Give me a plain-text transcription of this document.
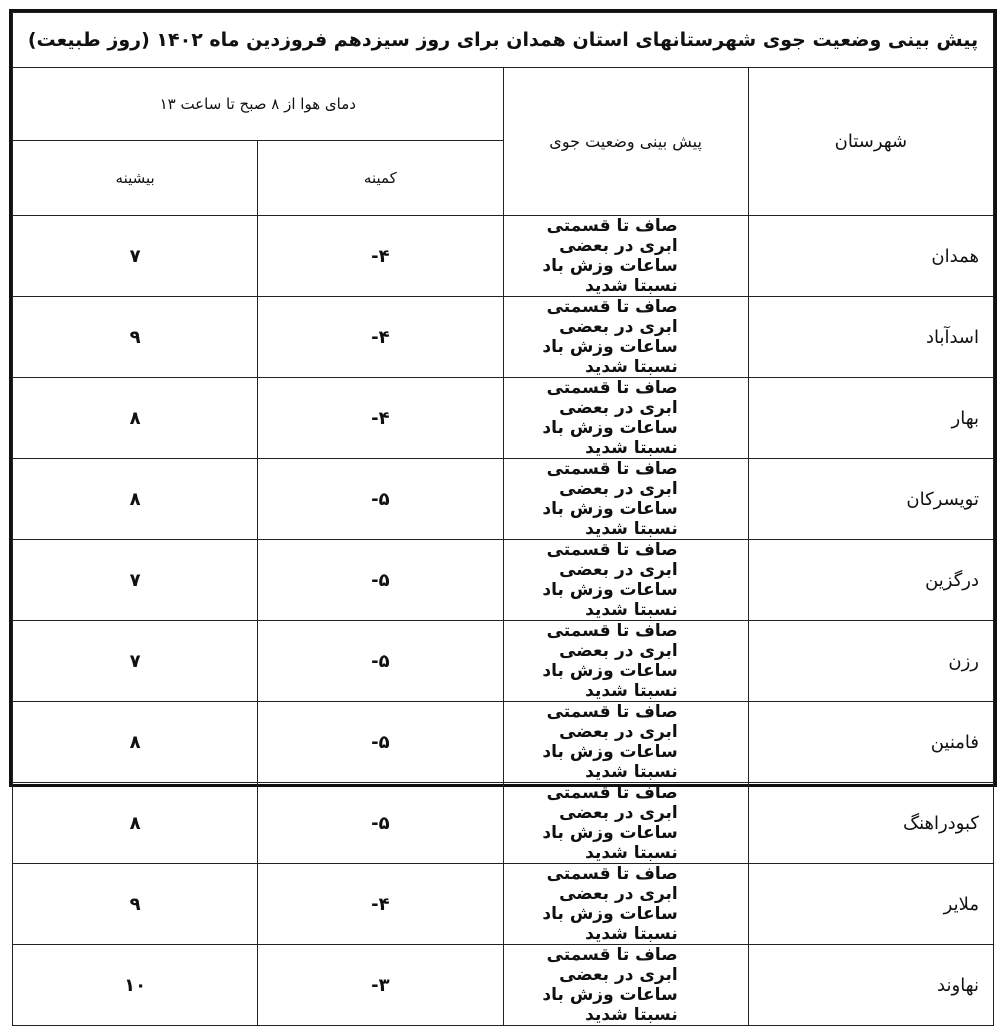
پیش بینی وضعیت جوی شهرستانهای استان همدان برای روز سیزدهم فروزدین ماه ۱۴۰۲ (روز طبیعت)			
شهرستان	پیش بینی وضعیت جوی	دمای هوا از ۸ صبح تا ساعت ۱۳	
		کمینه	بیشینه
همدان	صاف تا قسمتی ابری در بعضی ساعات وزش باد نسبتا شدید	-۴	۷
اسدآباد	صاف تا قسمتی ابری در بعضی ساعات وزش باد نسبتا شدید	-۴	۹
بهار	صاف تا قسمتی ابری در بعضی ساعات وزش باد نسبتا شدید	-۴	۸
تویسرکان	صاف تا قسمتی ابری در بعضی ساعات وزش باد نسبتا شدید	-۵	۸
درگزین	صاف تا قسمتی ابری در بعضی ساعات وزش باد نسبتا شدید	-۵	۷
رزن	صاف تا قسمتی ابری در بعضی ساعات وزش باد نسبتا شدید	-۵	۷
فامنین	صاف تا قسمتی ابری در بعضی ساعات وزش باد نسبتا شدید	-۵	۸
کبودراهنگ	صاف تا قسمتی ابری در بعضی ساعات وزش باد نسبتا شدید	-۵	۸
ملایر	صاف تا قسمتی ابری در بعضی ساعات وزش باد نسبتا شدید	-۴	۹
نهاوند	صاف تا قسمتی ابری در بعضی ساعات وزش باد نسبتا شدید	-۳	۱۰
